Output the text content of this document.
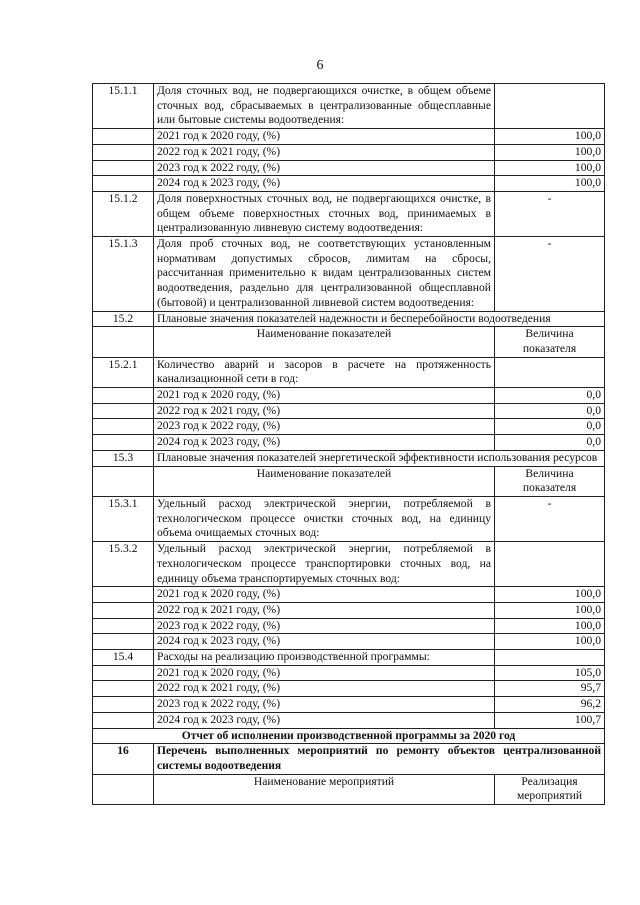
6
15.1.1	Доля сточных вод, не подвергающихся очистке, в общем объеме сточных вод, сбрасываемых в централизованные общесплавные или бытовые системы водоотведения:	
	2021 год к 2020 году, (%)	100,0
	2022 год к 2021 году, (%)	100,0
	2023 год к 2022 году, (%)	100,0
	2024 год к 2023 году, (%)	100,0
15.1.2	Доля поверхностных сточных вод, не подвергающихся очистке, в общем объеме поверхностных сточных вод, принимаемых в централизованную ливневую систему водоотведения:	-
15.1.3	Доля проб сточных вод, не соответствующих установленным нормативам допустимых сбросов, лимитам на сбросы, рассчитанная применительно к видам централизованных систем водоотведения, раздельно для централизованной общесплавной (бытовой) и централизованной ливневой систем водоотведения:	-
15.2	Плановые значения показателей надежности и бесперебойности водоотведения	
	Наименование показателей	Величина
показателя

15.2.1	Количество аварий и засоров в расчете на протяженность канализационной сети в год:	
	2021 год к 2020 году, (%)	0,0
	2022 год к 2021 году, (%)	0,0
	2023 год к 2022 году, (%)	0,0
	2024 год к 2023 году, (%)	0,0
15.3	Плановые значения показателей энергетической эффективности использования ресурсов	
	Наименование показателей	Величина
показателя

15.3.1	Удельный расход электрической энергии, потребляемой в технологическом процессе очистки сточных вод, на единицу объема очищаемых сточных вод:	-
15.3.2	Удельный расход электрической энергии, потребляемой в технологическом процессе транспортировки сточных вод, на единицу объема транспортируемых сточных вод:	
	2021 год к 2020 году, (%)	100,0
	2022 год к 2021 году, (%)	100,0
	2023 год к 2022 году, (%)	100,0
	2024 год к 2023 году, (%)	100,0
15.4	Расходы на реализацию производственной программы:	
	2021 год к 2020 году, (%)	105,0
	2022 год к 2021 году, (%)	95,7
	2023 год к 2022 году, (%)	96,2
	2024 год к 2023 году, (%)	100,7
Отчет об исполнении производственной программы за 2020 год		
16	Перечень выполненных мероприятий по ремонту объектов централизованной системы водоотведения	
	Наименование мероприятий	Реализация
мероприятий
